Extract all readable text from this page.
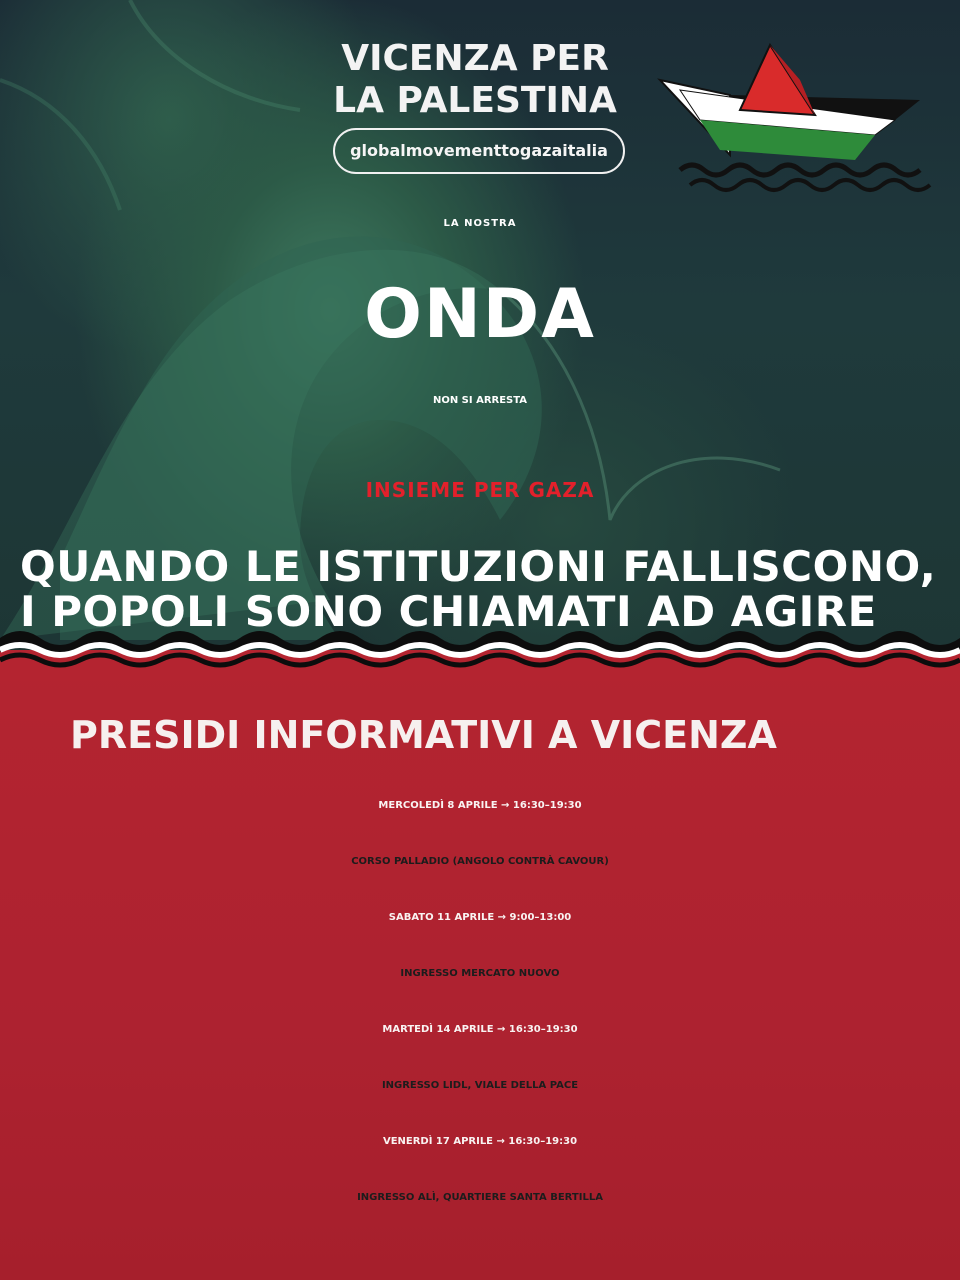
VICENZA PER
LA PALESTINA

globalmovementtogazaitalia

LA NOSTRA

ONDA

NON SI ARRESTA

INSIEME PER GAZA

QUANDO LE ISTITUZIONI FALLISCONO,

I POPOLI SONO CHIAMATI AD AGIRE

PRESIDI INFORMATIVI A VICENZA

MERCOLEDÌ 8 APRILE → 16:30–19:30

CORSO PALLADIO (ANGOLO CONTRÀ CAVOUR)

SABATO 11 APRILE → 9:00–13:00

INGRESSO MERCATO NUOVO

MARTEDÌ 14 APRILE → 16:30–19:30

INGRESSO LIDL, VIALE DELLA PACE

VENERDÌ 17 APRILE → 16:30–19:30

INGRESSO ALÌ, QUARTIERE SANTA BERTILLA
